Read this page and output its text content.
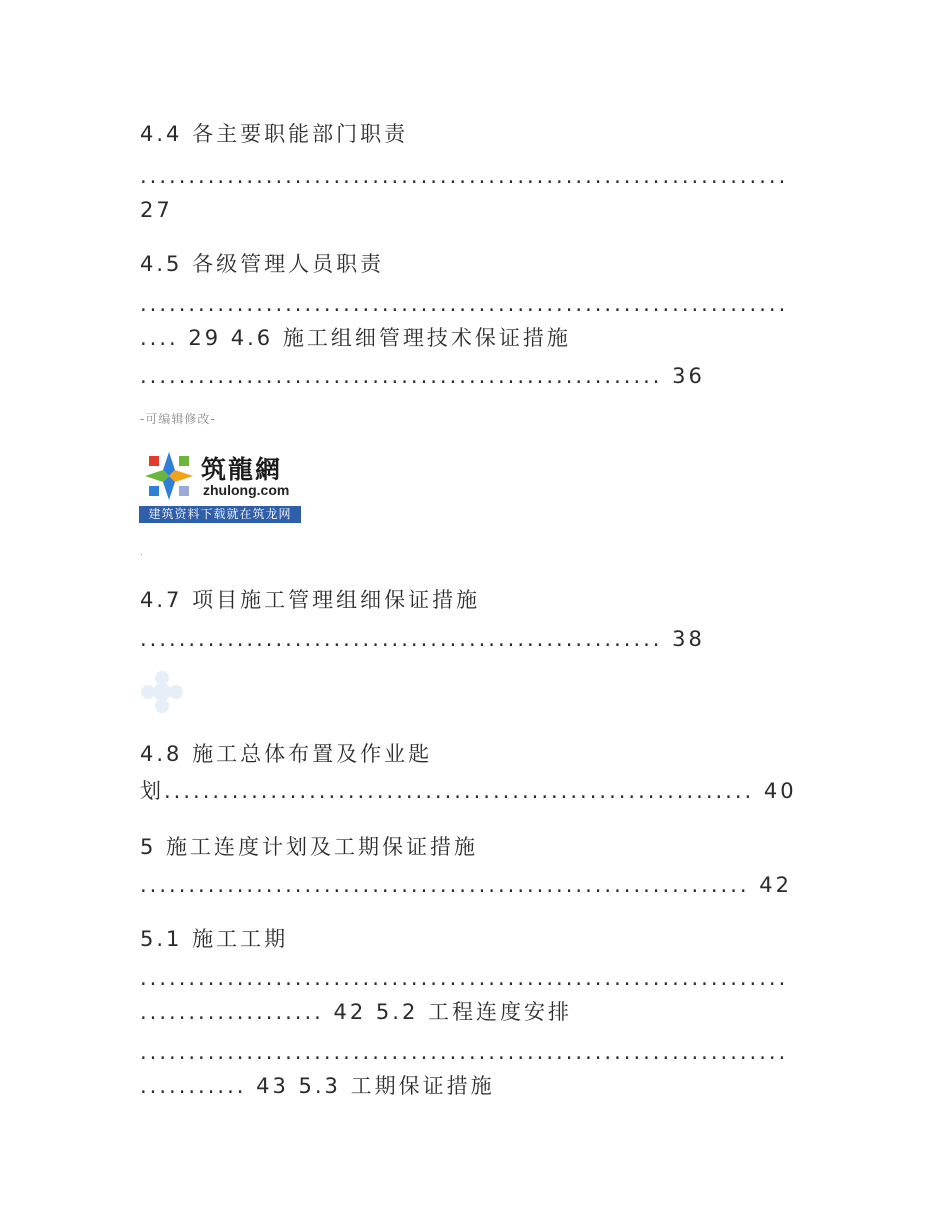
4.4 各主要职能部门职责
...................................................................
27
4.5 各级管理人员职责
...................................................................
.... 29 4.6 施工组细管理技术保证措施
...................................................... 36
-可编辑修改-
筑龍網
zhulong.com
建筑资料下载就在筑龙网
.
4.7 项目施工管理组细保证措施
...................................................... 38
4.8 施工总体布置及作业匙
划............................................................. 40
5 施工连度计划及工期保证措施
............................................................... 42
5.1 施工工期
...................................................................
................... 42 5.2 工程连度安排
...................................................................
........... 43 5.3 工期保证措施
